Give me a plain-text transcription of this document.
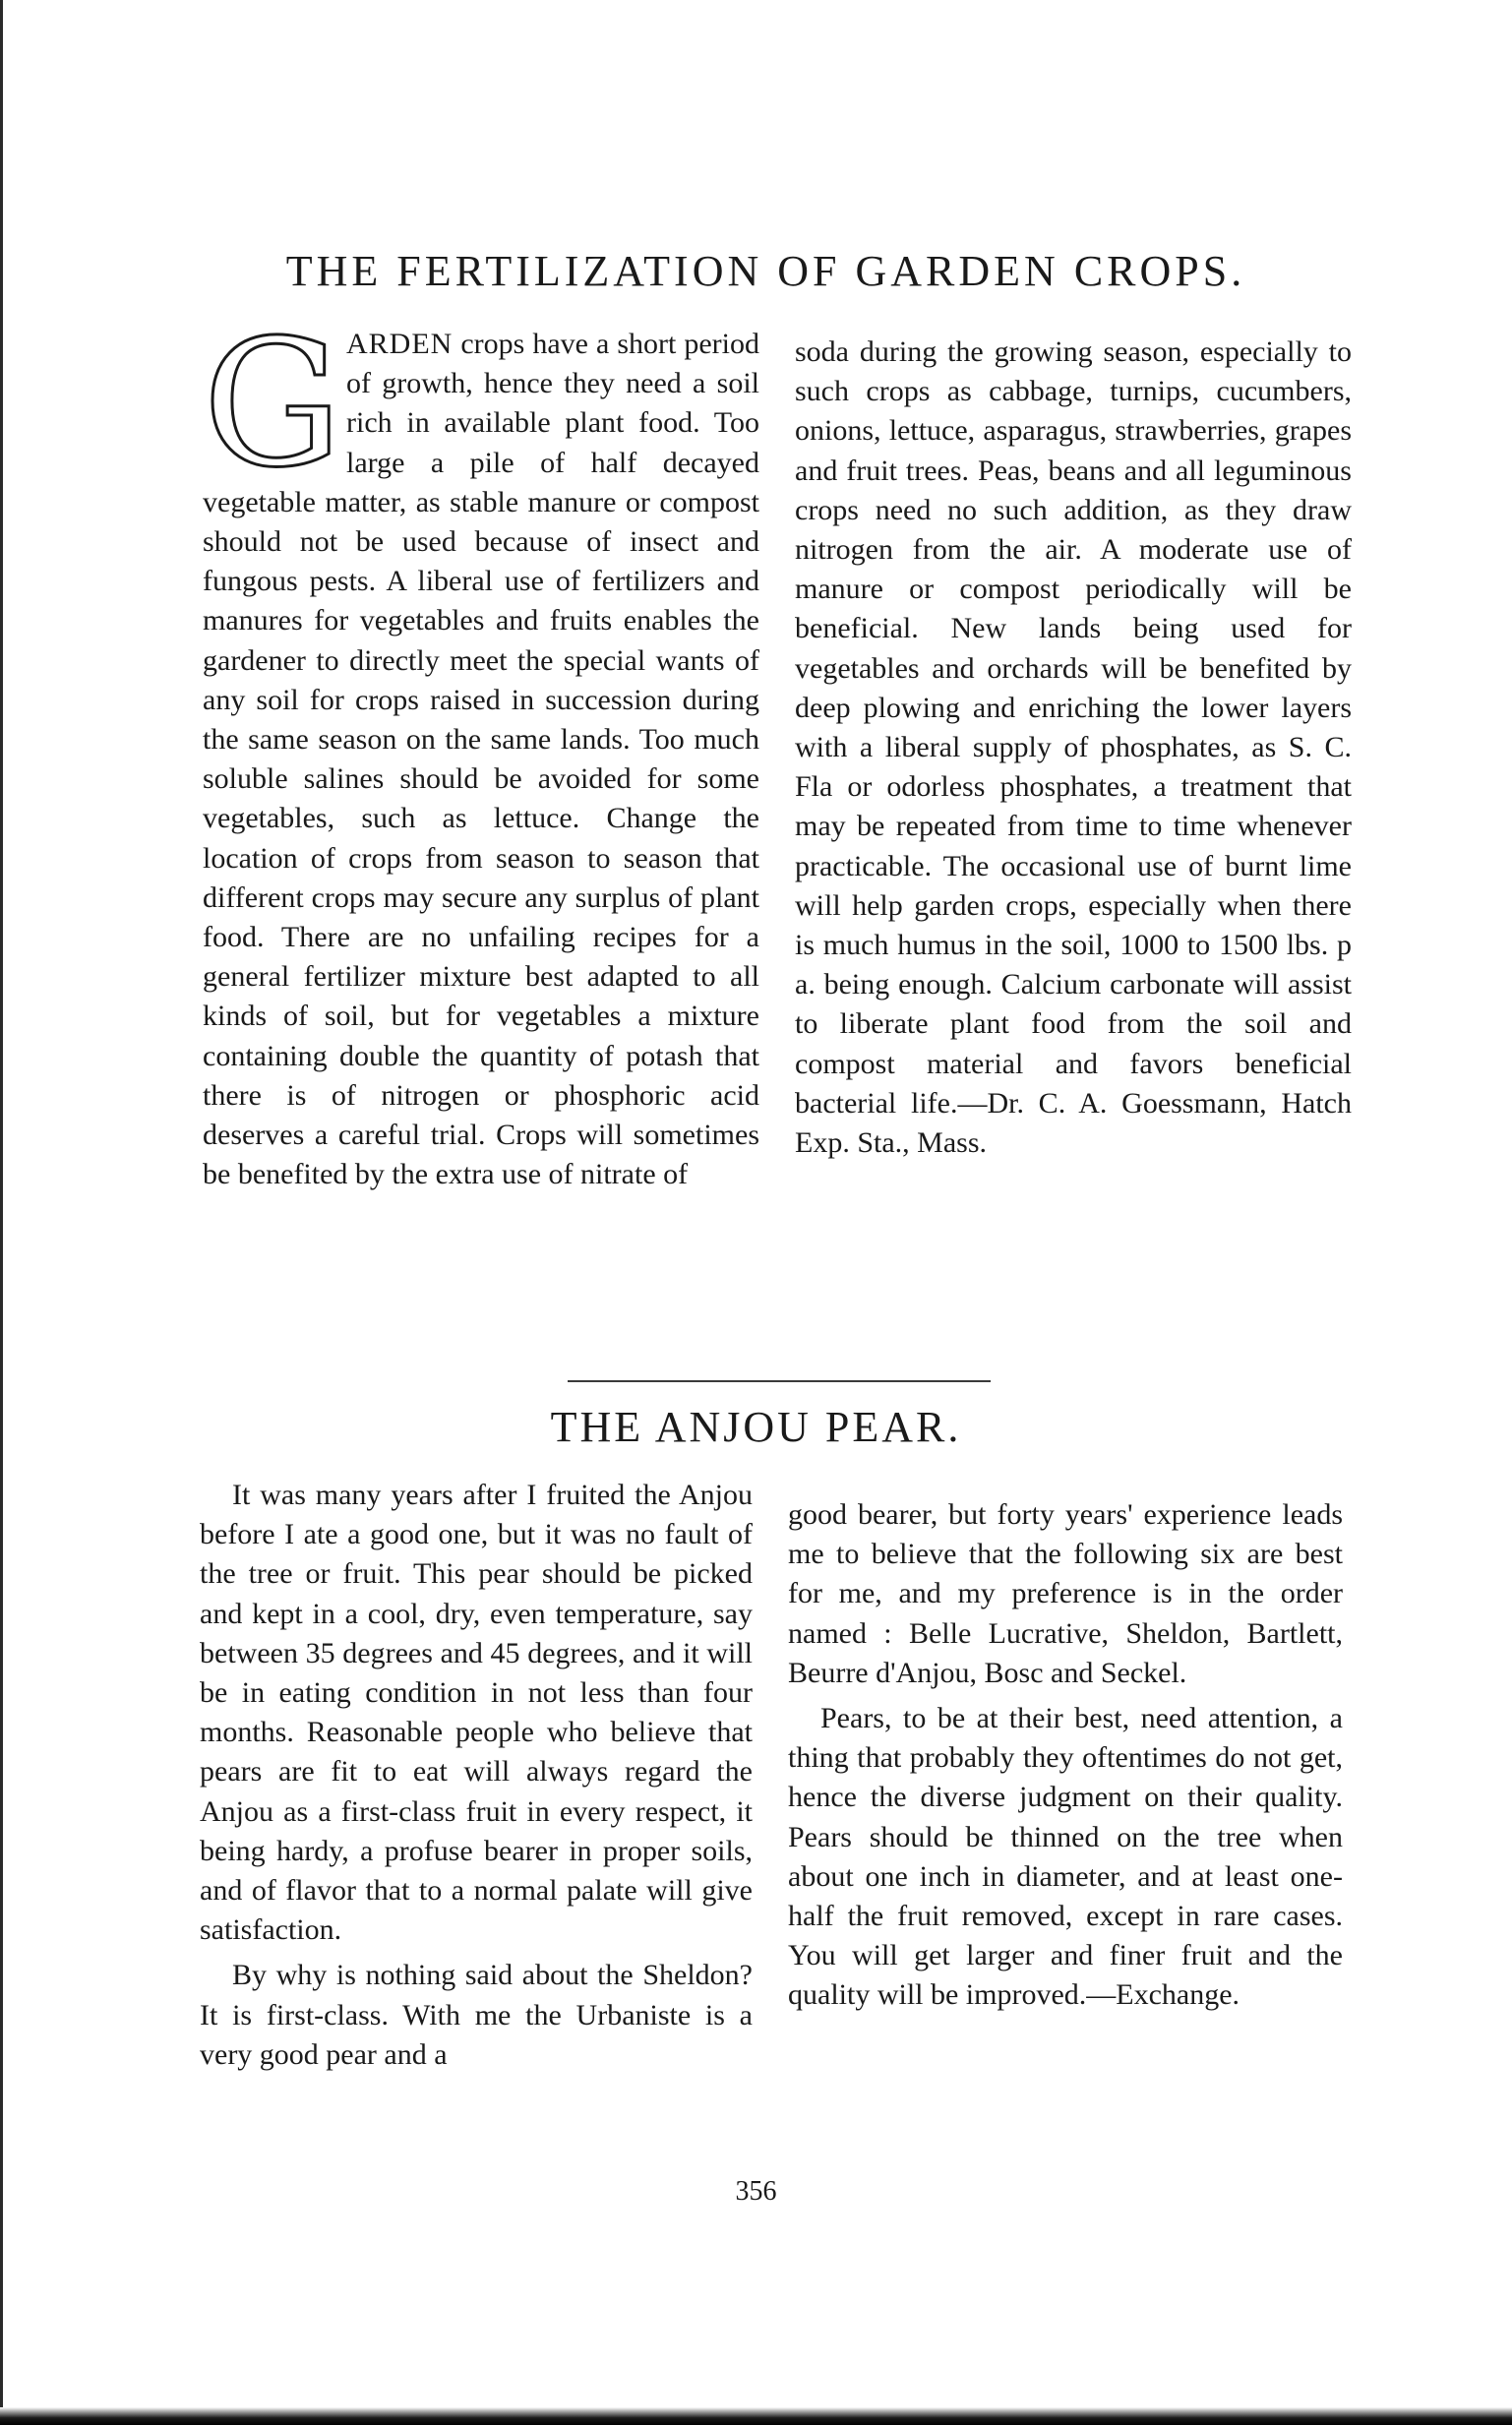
THE FERTILIZATION OF GARDEN CROPS.

G ARDEN crops have a short period of growth, hence they need a soil rich in available plant food. Too large a pile of half decayed vegetable matter, as stable manure or compost should not be used because of insect and fungous pests. A liberal use of fertilizers and manures for vegetables and fruits enables the gardener to directly meet the special wants of any soil for crops raised in succession during the same season on the same lands. Too much soluble salines should be avoided for some vegetables, such as lettuce. Change the location of crops from season to season that different crops may secure any surplus of plant food. There are no unfailing recipes for a general fertilizer mixture best adapted to all kinds of soil, but for vegetables a mixture containing double the quantity of potash that there is of nitrogen or phosphoric acid deserves a careful trial. Crops will sometimes be benefited by the extra use of nitrate of

soda during the growing season, especially to such crops as cabbage, turnips, cucumbers, onions, lettuce, asparagus, strawberries, grapes and fruit trees. Peas, beans and all leguminous crops need no such addition, as they draw nitrogen from the air. A moderate use of manure or compost periodically will be beneficial. New lands being used for vegetables and orchards will be benefited by deep plowing and enriching the lower layers with a liberal supply of phosphates, as S. C. Fla or odorless phosphates, a treatment that may be repeated from time to time whenever practicable. The occasional use of burnt lime will help garden crops, especially when there is much humus in the soil, 1000 to 1500 lbs. p a. being enough. Calcium carbonate will assist to liberate plant food from the soil and compost material and favors beneficial bacterial life.—Dr. C. A. Goessmann, Hatch Exp. Sta., Mass.

THE ANJOU PEAR.

It was many years after I fruited the Anjou before I ate a good one, but it was no fault of the tree or fruit. This pear should be picked and kept in a cool, dry, even temperature, say between 35 degrees and 45 degrees, and it will be in eating condition in not less than four months. Reasonable people who believe that pears are fit to eat will always regard the Anjou as a first-class fruit in every respect, it being hardy, a profuse bearer in proper soils, and of flavor that to a normal palate will give satisfaction.

By why is nothing said about the Sheldon? It is first-class. With me the Urbaniste is a very good pear and a

good bearer, but forty years' experience leads me to believe that the following six are best for me, and my preference is in the order named : Belle Lucrative, Sheldon, Bartlett, Beurre d'Anjou, Bosc and Seckel.

Pears, to be at their best, need attention, a thing that probably they oftentimes do not get, hence the diverse judgment on their quality. Pears should be thinned on the tree when about one inch in diameter, and at least one-half the fruit removed, except in rare cases. You will get larger and finer fruit and the quality will be improved.—Exchange.

356
